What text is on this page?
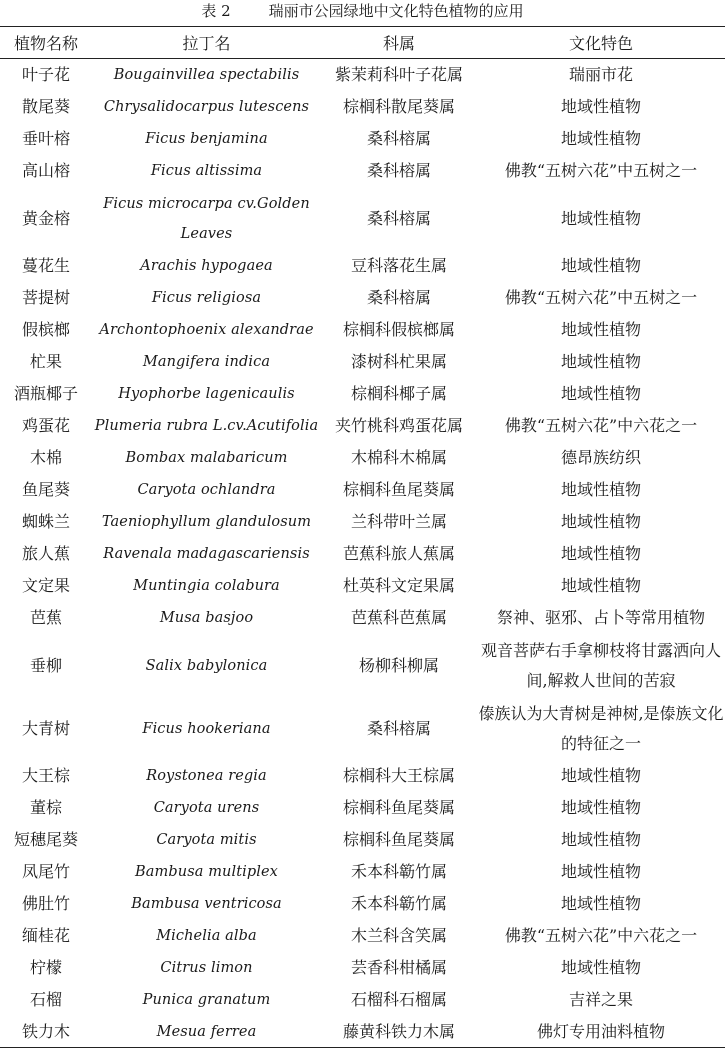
表 2	瑞丽市公园绿地中文化特色植物的应用
植物名称	拉丁名	科属	文化特色
叶子花	Bougainvillea spectabilis	紫茉莉科叶子花属	瑞丽市花
散尾葵	Chrysalidocarpus lutescens	棕榈科散尾葵属	地域性植物
垂叶榕	Ficus benjamina	桑科榕属	地域性植物
高山榕	Ficus altissima	桑科榕属	佛教“五树六花”中五树之一
黄金榕	Ficus microcarpa cv.Golden Leaves	桑科榕属	地域性植物
蔓花生	Arachis hypogaea	豆科落花生属	地域性植物
菩提树	Ficus religiosa	桑科榕属	佛教“五树六花”中五树之一
假槟榔	Archontophoenix alexandrae	棕榈科假槟榔属	地域性植物
杧果	Mangifera indica	漆树科杧果属	地域性植物
酒瓶椰子	Hyophorbe lagenicaulis	棕榈科椰子属	地域性植物
鸡蛋花	Plumeria rubra L.cv.Acutifolia	夹竹桃科鸡蛋花属	佛教“五树六花”中六花之一
木棉	Bombax malabaricum	木棉科木棉属	德昂族纺织
鱼尾葵	Caryota ochlandra	棕榈科鱼尾葵属	地域性植物
蜘蛛兰	Taeniophyllum glandulosum	兰科带叶兰属	地域性植物
旅人蕉	Ravenala madagascariensis	芭蕉科旅人蕉属	地域性植物
文定果	Muntingia colabura	杜英科文定果属	地域性植物
芭蕉	Musa basjoo	芭蕉科芭蕉属	祭神、驱邪、占卜等常用植物
垂柳	Salix babylonica	杨柳科柳属	观音菩萨右手拿柳枝将甘露洒向人间,解救人世间的苦寂
大青树	Ficus hookeriana	桑科榕属	傣族认为大青树是神树,是傣族文化的特征之一
大王棕	Roystonea regia	棕榈科大王棕属	地域性植物
董棕	Caryota urens	棕榈科鱼尾葵属	地域性植物
短穗尾葵	Caryota mitis	棕榈科鱼尾葵属	地域性植物
凤尾竹	Bambusa multiplex	禾本科簕竹属	地域性植物
佛肚竹	Bambusa ventricosa	禾本科簕竹属	地域性植物
缅桂花	Michelia alba	木兰科含笑属	佛教“五树六花”中六花之一
柠檬	Citrus limon	芸香科柑橘属	地域性植物
石榴	Punica granatum	石榴科石榴属	吉祥之果
铁力木	Mesua ferrea	藤黄科铁力木属	佛灯专用油料植物
